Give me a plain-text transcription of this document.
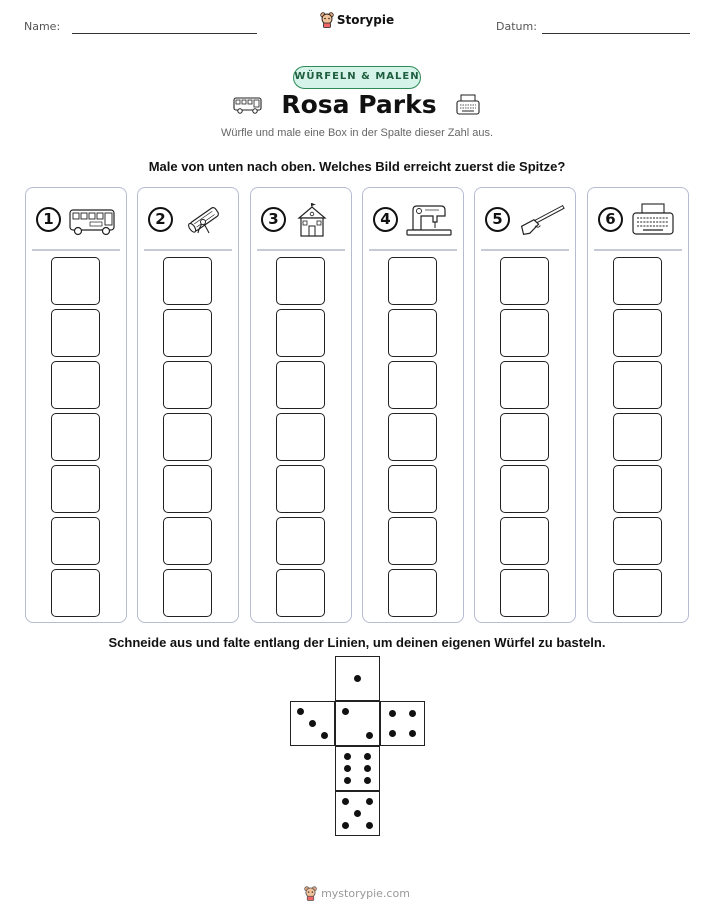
Name:	Datum:
Storypie
WÜRFELN & MALEN
Rosa Parks
Würfle und male eine Box in der Spalte dieser Zahl aus.
Male von unten nach oben. Welches Bild erreicht zuerst die Spitze?
1	2	3	4	5	6
Schneide aus und falte entlang der Linien, um deinen eigenen Würfel zu basteln.
mystorypie.com
